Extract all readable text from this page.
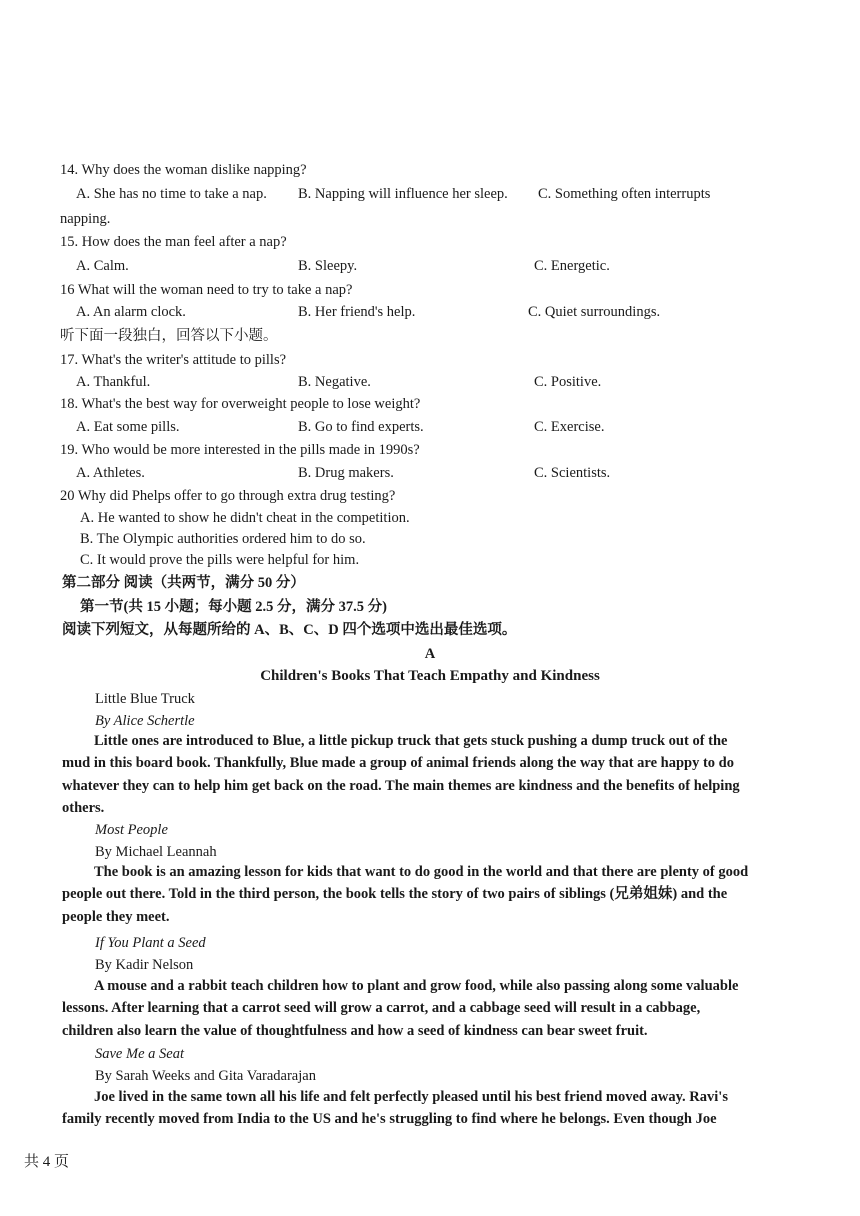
14. Why does the woman dislike napping?
A. She has no time to take a nap. B. Napping will influence her sleep. C. Something often interrupts
napping.
15. How does the man feel after a nap?
A. Calm.	B. Sleepy.	C. Energetic.
16 What will the woman need to try to take a nap?
A. An alarm clock.	B. Her friend's help.	C. Quiet surroundings.
听下面一段独白，回答以下小题。
17. What's the writer's attitude to pills?
A. Thankful.	B. Negative.	C. Positive.
18. What's the best way for overweight people to lose weight?
A. Eat some pills.	B. Go to find experts.	C. Exercise.
19. Who would be more interested in the pills made in 1990s?
A. Athletes.	B. Drug makers.	C. Scientists.
20 Why did Phelps offer to go through extra drug testing?
A. He wanted to show he didn't cheat in the competition.
B. The Olympic authorities ordered him to do so.
C. It would prove the pills were helpful for him.
第二部分 阅读（共两节，满分 50 分）
第一节(共 15 小题；每小题 2.5 分，满分 37.5 分)
阅读下列短文，从每题所给的 A、B、C、D 四个选项中选出最佳选项。
A
Children's Books That Teach Empathy and Kindness
Little Blue Truck
By Alice Schertle
Little ones are introduced to Blue, a little pickup truck that gets stuck pushing a dump truck out of the mud in this board book. Thankfully, Blue made a group of animal friends along the way that are happy to do whatever they can to help him get back on the road. The main themes are kindness and the benefits of helping others.
Most People
By Michael Leannah
The book is an amazing lesson for kids that want to do good in the world and that there are plenty of good people out there. Told in the third person, the book tells the story of two pairs of siblings (兄弟姐妹) and the people they meet.
If You Plant a Seed
By Kadir Nelson
A mouse and a rabbit teach children how to plant and grow food, while also passing along some valuable lessons. After learning that a carrot seed will grow a carrot, and a cabbage seed will result in a cabbage, children also learn the value of thoughtfulness and how a seed of kindness can bear sweet fruit.
Save Me a Seat
By Sarah Weeks and Gita Varadarajan
Joe lived in the same town all his life and felt perfectly pleased until his best friend moved away. Ravi's family recently moved from India to the US and he's struggling to find where he belongs. Even though Joe
共 4 页
